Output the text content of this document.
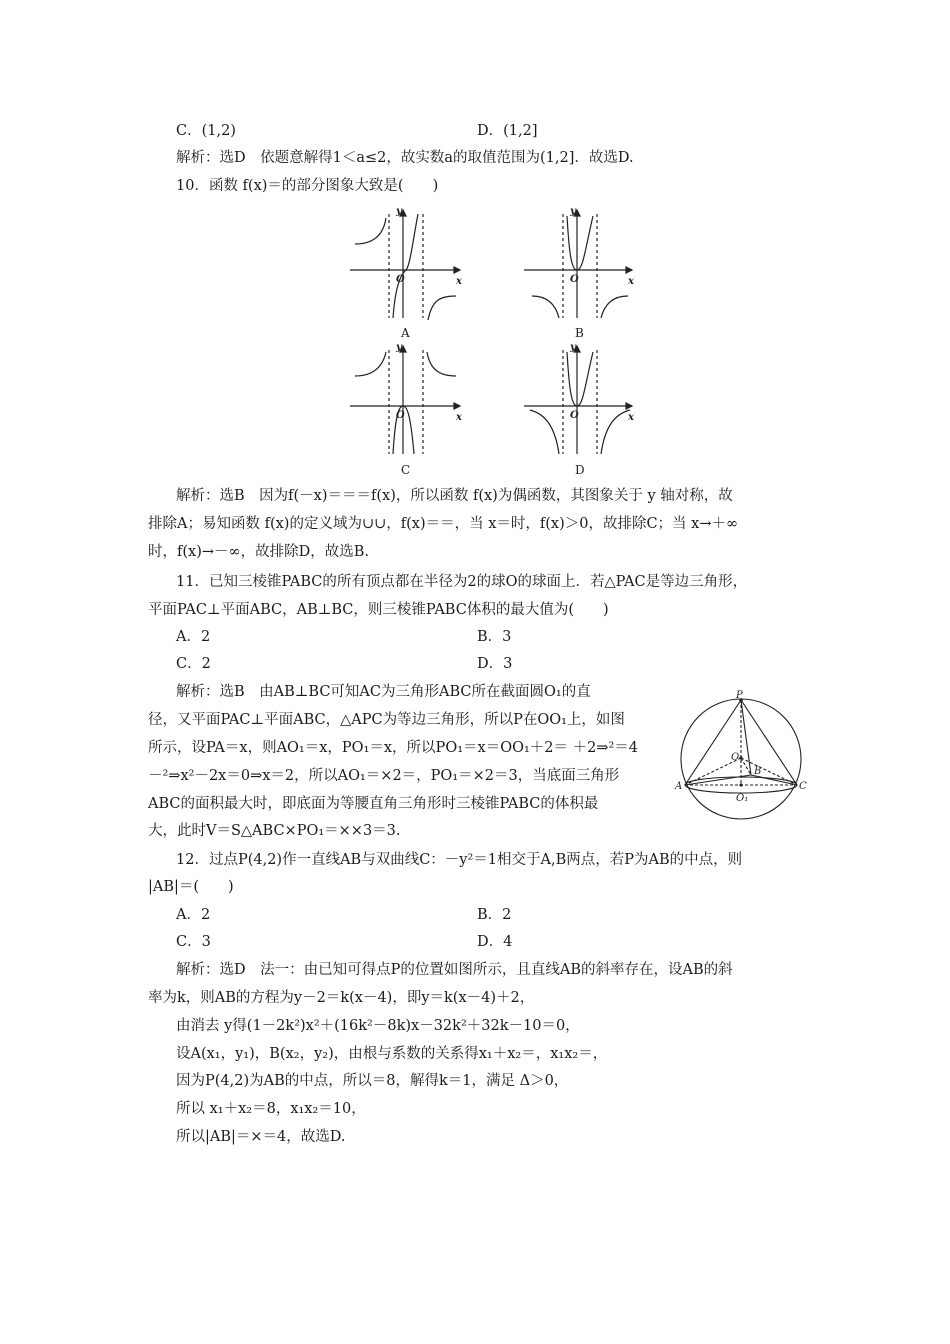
C．(1,2)	D．(1,2]
解析：选D　依题意解得1＜a≤2，故实数a的取值范围为(1,2]．故选D.
10．函数 f(x)＝的部分图象大致是(　　)
x
y
O	x
y
O
x
y
O	x
y
O
A	B
C	D
解析：选B　因为f(－x)＝＝＝f(x)，所以函数 f(x)为偶函数，其图象关于 y 轴对称，故
排除A；易知函数 f(x)的定义域为∪∪，f(x)＝＝，当 x＝时，f(x)＞0，故排除C；当 x→＋∞
时，f(x)→－∞，故排除D，故选B.
11．已知三棱锥PABC的所有顶点都在半径为2的球O的球面上．若△PAC是等边三角形，
平面PAC⊥平面ABC，AB⊥BC，则三棱锥PABC体积的最大值为(　　)
A．2	B．3
C．2	D．3
解析：选B　由AB⊥BC可知AC为三角形ABC所在截面圆O₁的直
径，又平面PAC⊥平面ABC，△APC为等边三角形，所以P在OO₁上，如图
所示，设PA＝x，则AO₁＝x，PO₁＝x，所以PO₁＝x＝OO₁＋2＝ ＋2⇒²＝4
－²⇒x²－2x＝0⇒x＝2，所以AO₁＝×2＝，PO₁＝×2＝3，当底面三角形
ABC的面积最大时，即底面为等腰直角三角形时三棱锥PABC的体积最
大，此时V＝S△ABC×PO₁＝××3＝3.
P
O
B
A	C
O₁
12．过点P(4,2)作一直线AB与双曲线C：－y²＝1相交于A,B两点，若P为AB的中点，则
|AB|＝(　　)
A．2	B．2
C．3	D．4
解析：选D　法一：由已知可得点P的位置如图所示，且直线AB的斜率存在，设AB的斜
率为k，则AB的方程为y－2＝k(x－4)，即y＝k(x－4)＋2，
由消去 y得(1－2k²)x²＋(16k²－8k)x－32k²＋32k－10＝0，
设A(x₁，y₁)，B(x₂，y₂)，由根与系数的关系得x₁＋x₂＝，x₁x₂＝，
因为P(4,2)为AB的中点，所以＝8，解得k＝1，满足 Δ＞0，
所以 x₁＋x₂＝8，x₁x₂＝10，
所以|AB|＝×＝4，故选D.
